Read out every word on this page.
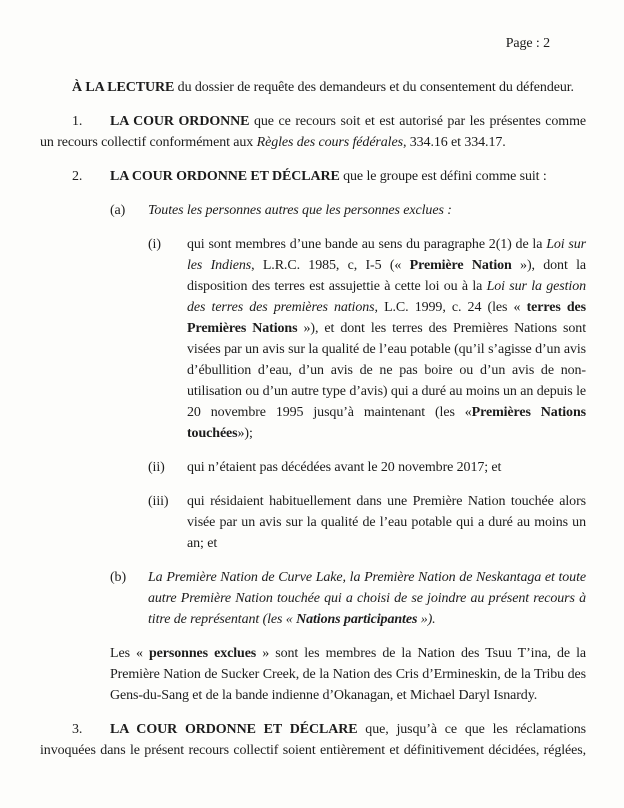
Page : 2

À LA LECTURE du dossier de requête des demandeurs et du consentement du défendeur.

1. LA COUR ORDONNE que ce recours soit et est autorisé par les présentes comme un recours collectif conformément aux Règles des cours fédérales, 334.16 et 334.17.

2. LA COUR ORDONNE ET DÉCLARE que le groupe est défini comme suit :

(a) Toutes les personnes autres que les personnes exclues :

(i) qui sont membres d’une bande au sens du paragraphe 2(1) de la Loi sur les Indiens, L.R.C. 1985, c, I-5 (« Première Nation »), dont la disposition des terres est assujettie à cette loi ou à la Loi sur la gestion des terres des premières nations, L.C. 1999, c. 24 (les « terres des Premières Nations »), et dont les terres des Premières Nations sont visées par un avis sur la qualité de l’eau potable (qu’il s’agisse d’un avis d’ébullition d’eau, d’un avis de ne pas boire ou d’un avis de non-utilisation ou d’un autre type d’avis) qui a duré au moins un an depuis le 20 novembre 1995 jusqu’à maintenant (les «Premières Nations touchées»);

(ii) qui n’étaient pas décédées avant le 20 novembre 2017; et

(iii) qui résidaient habituellement dans une Première Nation touchée alors visée par un avis sur la qualité de l’eau potable qui a duré au moins un an; et

(b) La Première Nation de Curve Lake, la Première Nation de Neskantaga et toute autre Première Nation touchée qui a choisi de se joindre au présent recours à titre de représentant (les « Nations participantes »).

Les « personnes exclues » sont les membres de la Nation des Tsuu T’ina, de la Première Nation de Sucker Creek, de la Nation des Cris d’Ermineskin, de la Tribu des Gens-du-Sang et de la bande indienne d’Okanagan, et Michael Daryl Isnardy.

3. LA COUR ORDONNE ET DÉCLARE que, jusqu’à ce que les réclamations invoquées dans le présent recours collectif soient entièrement et définitivement décidées, réglées,
